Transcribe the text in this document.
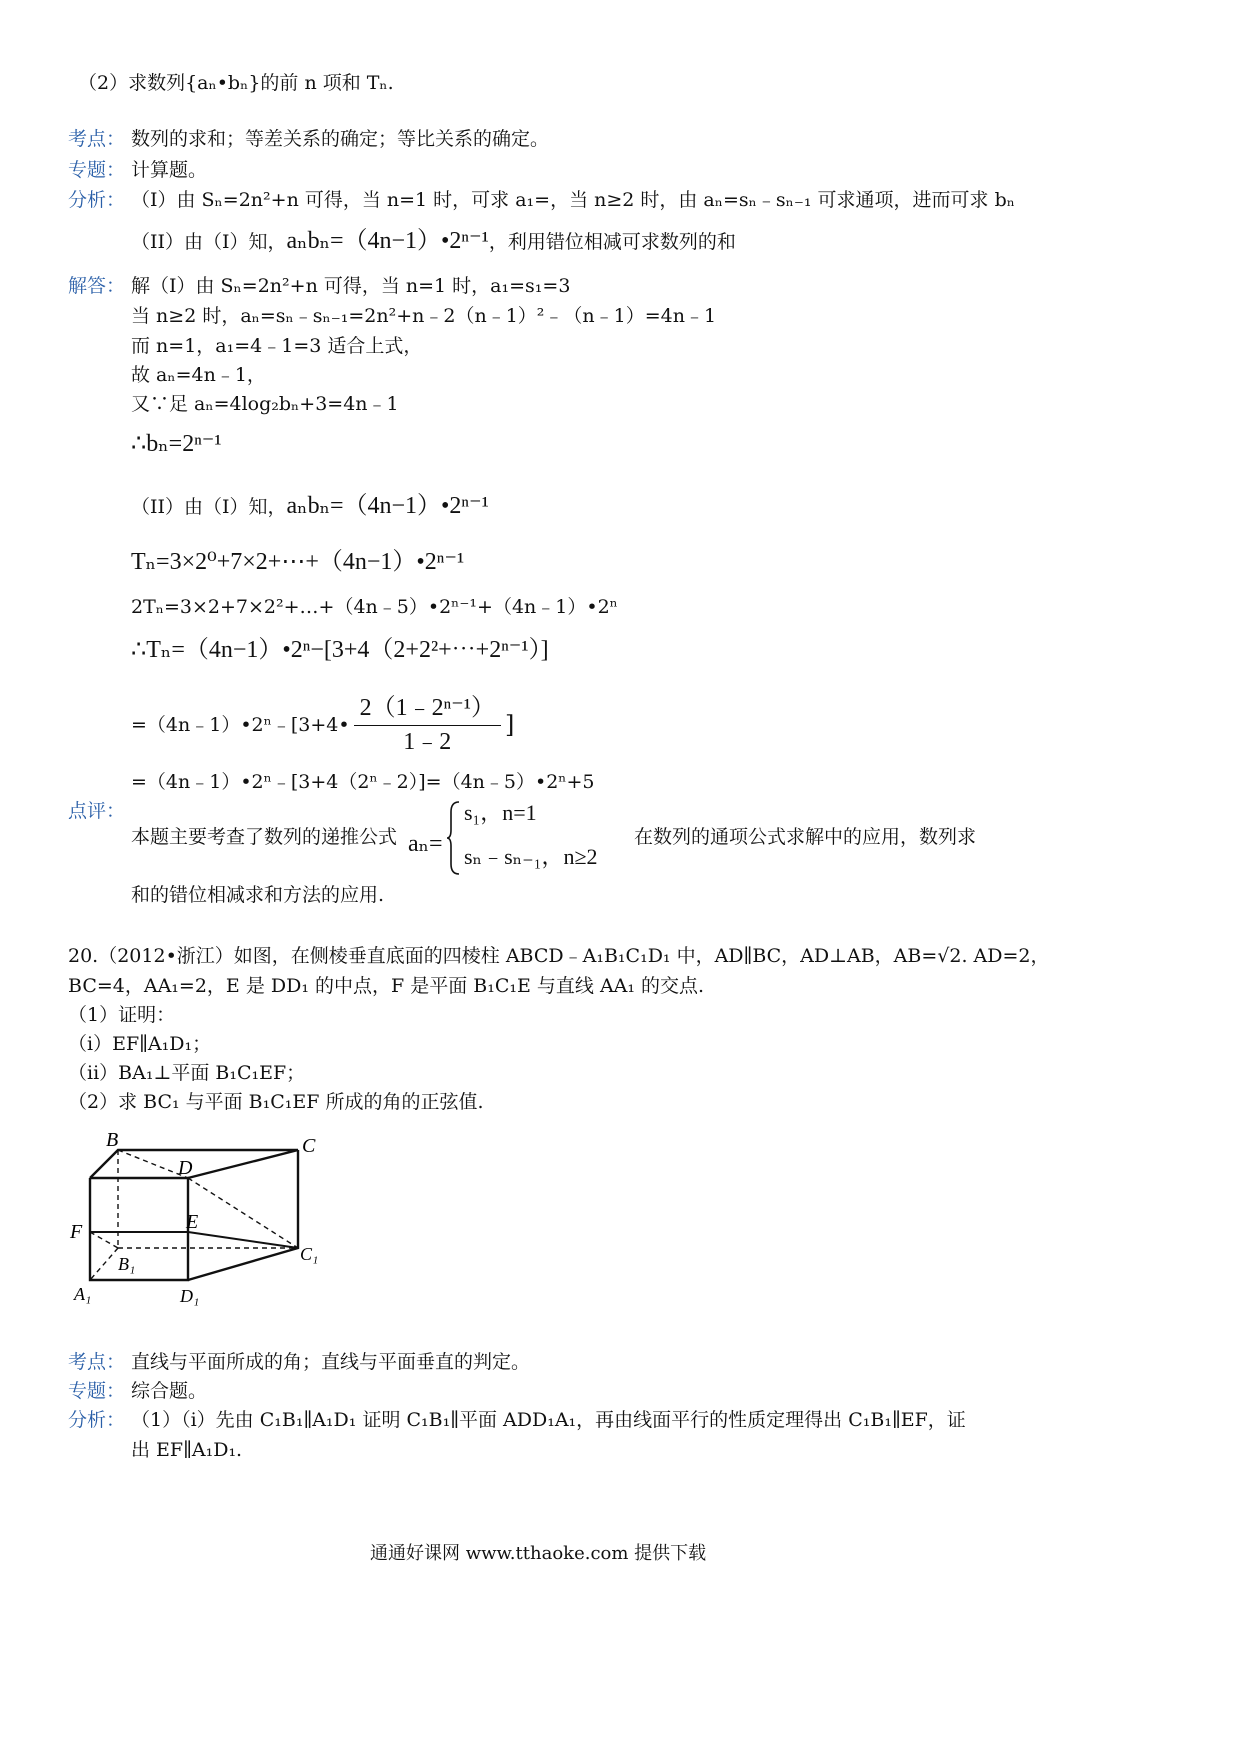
（2）求数列{aₙ•bₙ}的前 n 项和 Tₙ.
考点： 数列的求和；等差关系的确定；等比关系的确定。
专题： 计算题。
分析： （I）由 Sₙ=2n²+n 可得，当 n=1 时，可求 a₁=，当 n≥2 时，由 aₙ=sₙ﹣sₙ₋₁ 可求通项，进而可求 bₙ
（II）由（I）知，aₙbₙ=（4n−1）•2ⁿ⁻¹，利用错位相减可求数列的和
解答： 解（I）由 Sₙ=2n²+n 可得，当 n=1 时，a₁=s₁=3
当 n≥2 时，aₙ=sₙ﹣sₙ₋₁=2n²+n﹣2（n﹣1）²﹣（n﹣1）=4n﹣1
而 n=1，a₁=4﹣1=3 适合上式，
故 aₙ=4n﹣1，
又∵足 aₙ=4log₂bₙ+3=4n﹣1
∴bₙ=2ⁿ⁻¹
（II）由（I）知，aₙbₙ=（4n−1）•2ⁿ⁻¹
Tₙ=3×2⁰+7×2+⋯+（4n−1）•2ⁿ⁻¹
2Tₙ=3×2+7×2²+…+（4n﹣5）•2ⁿ⁻¹+（4n﹣1）•2ⁿ
∴Tₙ=（4n−1）•2ⁿ−[3+4（2+2²+⋯+2ⁿ⁻¹）]
=（4n﹣1）•2ⁿ﹣[3+4• $\frac{\text{2（1﹣2ⁿ⁻¹）}}{1﹣2}$ ]
=（4n﹣1）•2ⁿ﹣[3+4（2ⁿ﹣2）]=（4n﹣5）•2ⁿ+5
点评：
本题主要考查了数列的递推公式 aₙ=
s₁，n=1
sₙ﹣sₙ₋₁，n≥2
在数列的通项公式求解中的应用，数列求
和的错位相减求和方法的应用.
20.（2012•浙江）如图，在侧棱垂直底面的四棱柱 ABCD﹣A₁B₁C₁D₁ 中，AD∥BC，AD⊥AB，AB=√2. AD=2，
BC=4，AA₁=2，E 是 DD₁ 的中点，F 是平面 B₁C₁E 与直线 AA₁ 的交点.
（1）证明：
（i）EF∥A₁D₁；
（ii）BA₁⊥平面 B₁C₁EF；
（2）求 BC₁ 与平面 B₁C₁EF 所成的角的正弦值.
B	C
D
E
F
B₁	C₁
A₁	D₁
考点： 直线与平面所成的角；直线与平面垂直的判定。
专题： 综合题。
分析： （1）（i）先由 C₁B₁∥A₁D₁ 证明 C₁B₁∥平面 ADD₁A₁，再由线面平行的性质定理得出 C₁B₁∥EF，证
出 EF∥A₁D₁.
通通好课网 www.tthaoke.com 提供下载
